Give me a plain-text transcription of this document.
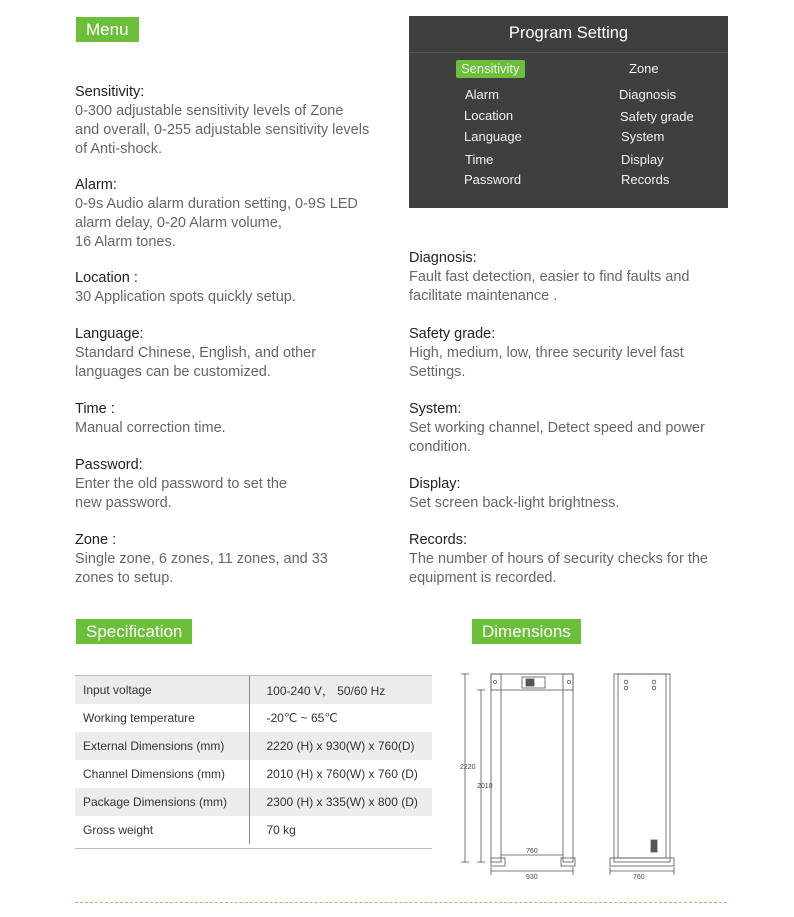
Menu
Sensitivity:
0-300 adjustable sensitivity levels of Zone
and overall, 0-255 adjustable sensitivity levels
of Anti-shock.
Alarm:
0-9s Audio alarm duration setting, 0-9S LED
alarm delay, 0-20 Alarm volume,
16 Alarm tones.
Location :
30 Application spots quickly setup.
Language:
Standard Chinese, English, and other
languages can be customized.
Time :
Manual correction time.
Password:
Enter the old password to set the
new password.
Zone :
Single zone, 6 zones, 11 zones, and 33
zones to setup.
Program Setting
Sensitivity
Alarm
Location
Language
Time
Password
Zone
Diagnosis
Safety grade
System
Display
Records
Diagnosis:
Fault fast detection, easier to find faults and
facilitate maintenance .
Safety grade:
High, medium, low, three security level fast
Settings.
System:
Set working channel, Detect speed and power
condition.
Display:
Set screen back-light brightness.
Records:
The number of hours of security checks for the
equipment is recorded.
Specification	Dimensions
Input voltage	100-240 V， 50/60 Hz
Working temperature	-20℃ ~ 65℃
External Dimensions (mm)	2220 (H) x 930(W) x 760(D)
Channel Dimensions (mm)	2010 (H) x 760(W) x 760 (D)
Package Dimensions (mm)	2300 (H) x 335(W) x 800 (D)
Gross weight	70 kg
2220
2010
760
930	760
